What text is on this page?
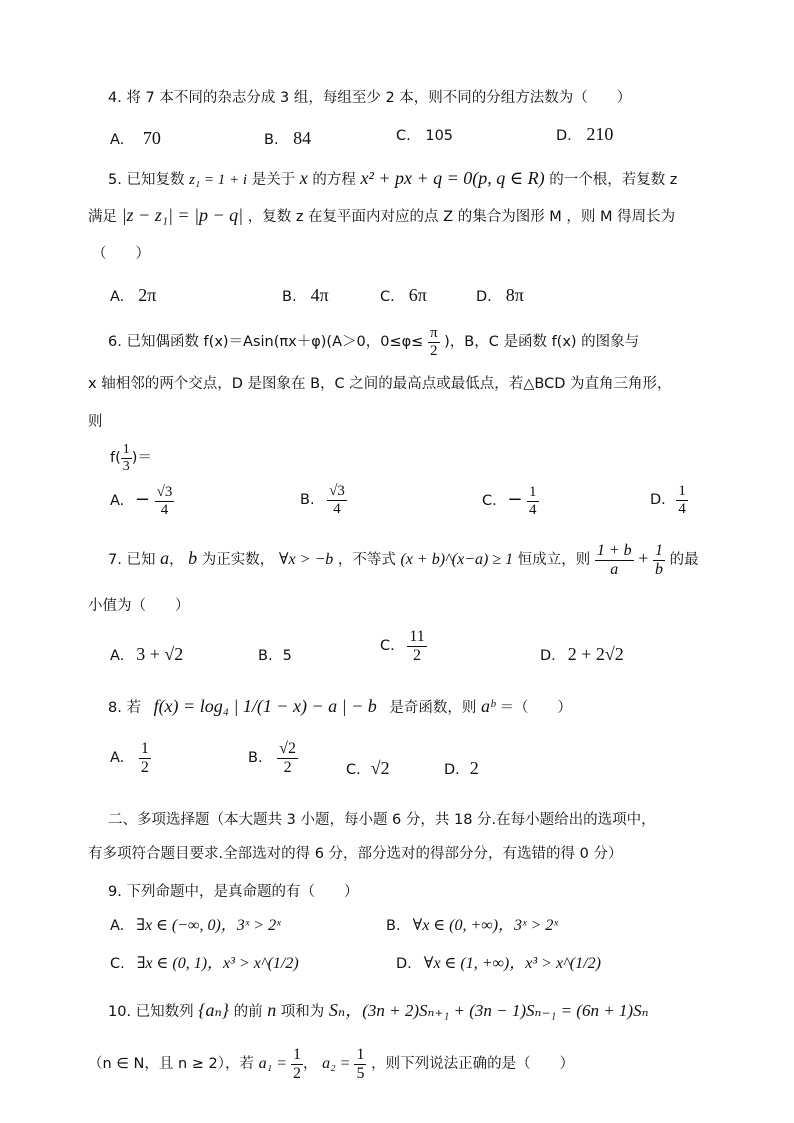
4. 将 7 本不同的杂志分成 3 组，每组至少 2 本，则不同的分组方法数为（　　）
A. 70	B. 84	C. 105	D. 210
5. 已知复数 z₁ = 1 + i 是关于 x 的方程 x² + px + q = 0(p, q ∈ R) 的一个根，若复数 z
满足 |z − z₁| = |p − q| ，复数 z 在复平面内对应的点 Z 的集合为图形 M ，则 M 得周长为
（　　）
A. 2π	B. 4π	C. 6π	D. 8π
6. 已知偶函数 f(x)＝Asin(πx＋φ)(A＞0，$0\le\varphi\le \frac{\pi}{2}$ )，B，C 是函数 f(x) 的图象与
x 轴相邻的两个交点，D 是图象在 B，C 之间的最高点或最低点，若△BCD 为直角三角形，
则
$f( \frac{1}{3}$ )＝
A. − $\frac{√3}{4}$	B. $\frac{√3}{4}$	C. − $\frac{1}{4}$	D. $\frac{1}{4}$
7. 已知 a， b 为正实数， ∀x > −b ，不等式 (x + b)^(x−a) ≥ 1 恒成立，则 $\frac{1 + b}{a} + \frac{1}{b}$ 的最
小值为（　　）
A. 3 + √2	B. 5
C. $\frac{11}{2}$	D. 2 + 2√2
8. 若 f(x) = log₄ | 1/(1 − x) − a | − b 是奇函数，则 aᵇ ＝（　　）
A. $\frac{1}{2}$	B. $\frac{√2}{2}$	C. √2	D. 2
二、多项选择题（本大题共 3 小题，每小题 6 分，共 18 分.在每小题给出的选项中，
有多项符合题目要求.全部选对的得 6 分，部分选对的得部分分，有选错的得 0 分）
9. 下列命题中，是真命题的有（　　）
A. ∃x ∈ (−∞, 0)，3ˣ > 2ˣ	B. ∀x ∈ (0, +∞)，3ˣ > 2ˣ
C. ∃x ∈ (0, 1)，x³ > x^(1/2)	D. ∀x ∈ (1, +∞)，x³ > x^(1/2)
10. 已知数列 {aₙ} 的前 n 项和为 Sₙ，(3n + 2)Sₙ₊₁ + (3n − 1)Sₙ₋₁ = (6n + 1)Sₙ
（n ∈ N，且 n ≥ 2），若 $a_1 = \frac{1}{2}$ ， $a_2 = \frac{1}{5}$ ，则下列说法正确的是（　　）
